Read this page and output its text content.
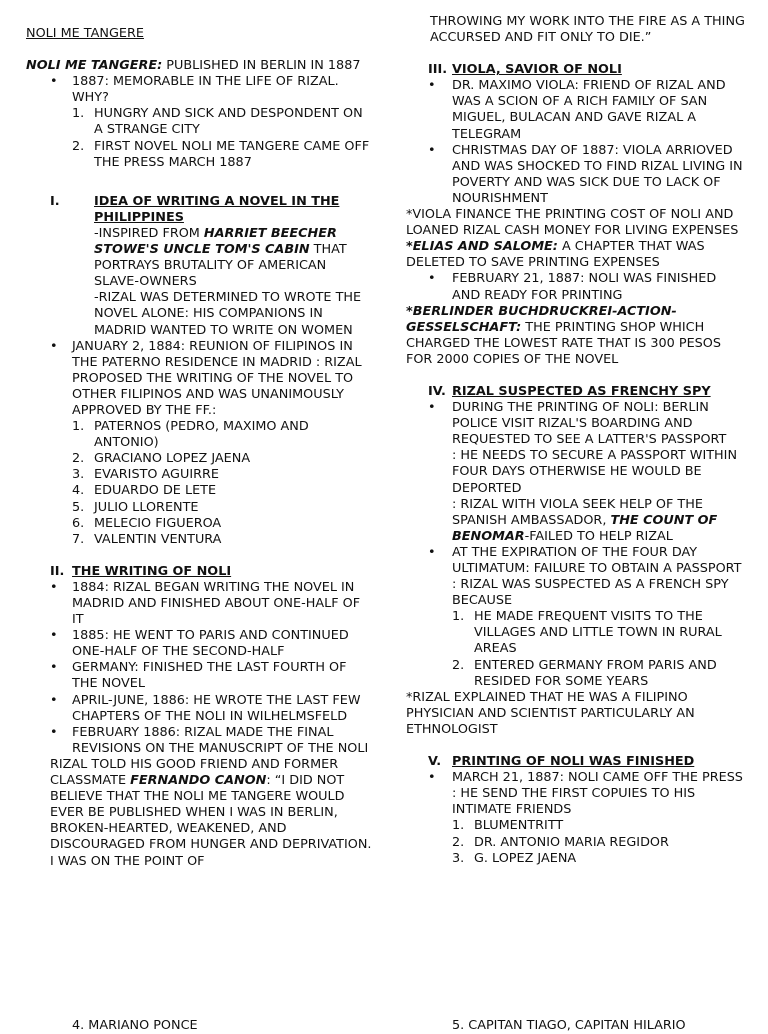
NOLI ME TANGERE

NOLI ME TANGERE: PUBLISHED IN BERLIN IN 1887

• 1887: MEMORABLE IN THE LIFE OF RIZAL. WHY?
1. HUNGRY AND SICK AND DESPONDENT ON A STRANGE CITY
2. FIRST NOVEL NOLI ME TANGERE CAME OFF THE PRESS MARCH 1887
I.	IDEA OF WRITING A NOVEL IN THE PHILIPPINES

-INSPIRED FROM HARRIET BEECHER STOWE'S UNCLE TOM'S CABIN THAT PORTRAYS BRUTALITY OF AMERICAN SLAVE-OWNERS

-RIZAL WAS DETERMINED TO WROTE THE NOVEL ALONE: HIS COMPANIONS IN MADRID WANTED TO WRITE ON WOMEN

• JANUARY 2, 1884: REUNION OF FILIPINOS IN THE PATERNO RESIDENCE IN MADRID : RIZAL PROPOSED THE WRITING OF THE NOVEL TO OTHER FILIPINOS AND WAS UNANIMOUSLY APPROVED BY THE FF.:
1. PATERNOS (PEDRO, MAXIMO AND ANTONIO)
2. GRACIANO LOPEZ JAENA
3. EVARISTO AGUIRRE
4. EDUARDO DE LETE
5. JULIO LLORENTE
6. MELECIO FIGUEROA
7. VALENTIN VENTURA
II. THE WRITING OF NOLI
• 1884: RIZAL BEGAN WRITING THE NOVEL IN MADRID AND FINISHED ABOUT ONE-HALF OF IT
• 1885: HE WENT TO PARIS AND CONTINUED ONE-HALF OF THE SECOND-HALF
• GERMANY: FINISHED THE LAST FOURTH OF THE NOVEL
• APRIL-JUNE, 1886: HE WROTE THE LAST FEW CHAPTERS OF THE NOLI IN WILHELMSFELD
• FEBRUARY 1886: RIZAL MADE THE FINAL REVISIONS ON THE MANUSCRIPT OF THE NOLI

RIZAL TOLD HIS GOOD FRIEND AND FORMER CLASSMATE FERNANDO CANON: “I DID NOT BELIEVE THAT THE NOLI ME TANGERE WOULD EVER BE PUBLISHED WHEN I WAS IN BERLIN, BROKEN-HEARTED, WEAKENED, AND DISCOURAGED FROM HUNGER AND DEPRIVATION. I WAS ON THE POINT OF

THROWING MY WORK INTO THE FIRE AS A THING ACCURSED AND FIT ONLY TO DIE.”

III. VIOLA, SAVIOR OF NOLI
• DR. MAXIMO VIOLA: FRIEND OF RIZAL AND WAS A SCION OF A RICH FAMILY OF SAN MIGUEL, BULACAN AND GAVE RIZAL A TELEGRAM
• CHRISTMAS DAY OF 1887: VIOLA ARRIOVED AND WAS SHOCKED TO FIND RIZAL LIVING IN POVERTY AND WAS SICK DUE TO LACK OF NOURISHMENT

*VIOLA FINANCE THE PRINTING COST OF NOLI AND LOANED RIZAL CASH MONEY FOR LIVING EXPENSES

*ELIAS AND SALOME: A CHAPTER THAT WAS DELETED TO SAVE PRINTING EXPENSES

• FEBRUARY 21, 1887: NOLI WAS FINISHED AND READY FOR PRINTING

*BERLINDER BUCHDRUCKREI-ACTION-GESSELSCHAFT: THE PRINTING SHOP WHICH CHARGED THE LOWEST RATE THAT IS 300 PESOS FOR 2000 COPIES OF THE NOVEL

IV. RIZAL SUSPECTED AS FRENCHY SPY

• DURING THE PRINTING OF NOLI: BERLIN POLICE VISIT RIZAL'S BOARDING AND REQUESTED TO SEE A LATTER'S PASSPORT

: HE NEEDS TO SECURE A PASSPORT WITHIN FOUR DAYS OTHERWISE HE WOULD BE DEPORTED

: RIZAL WITH VIOLA SEEK HELP OF THE SPANISH AMBASSADOR, THE COUNT OF BENOMAR-FAILED TO HELP RIZAL

• AT THE EXPIRATION OF THE FOUR DAY ULTIMATUM: FAILURE TO OBTAIN A PASSPORT

: RIZAL WAS SUSPECTED AS A FRENCH SPY BECAUSE

1. HE MADE FREQUENT VISITS TO THE VILLAGES AND LITTLE TOWN IN RURAL AREAS
2. ENTERED GERMANY FROM PARIS AND RESIDED FOR SOME YEARS

*RIZAL EXPLAINED THAT HE WAS A FILIPINO PHYSICIAN AND SCIENTIST PARTICULARLY AN ETHNOLOGIST

V. PRINTING OF NOLI WAS FINISHED

• MARCH 21, 1887: NOLI CAME OFF THE PRESS

: HE SEND THE FIRST COPUIES TO HIS INTIMATE FRIENDS

1. BLUMENTRITT
2. DR. ANTONIO MARIA REGIDOR
3. G. LOPEZ JAENA
4. MARIANO PONCE	5. CAPITAN TIAGO, CAPITAN HILARIO
